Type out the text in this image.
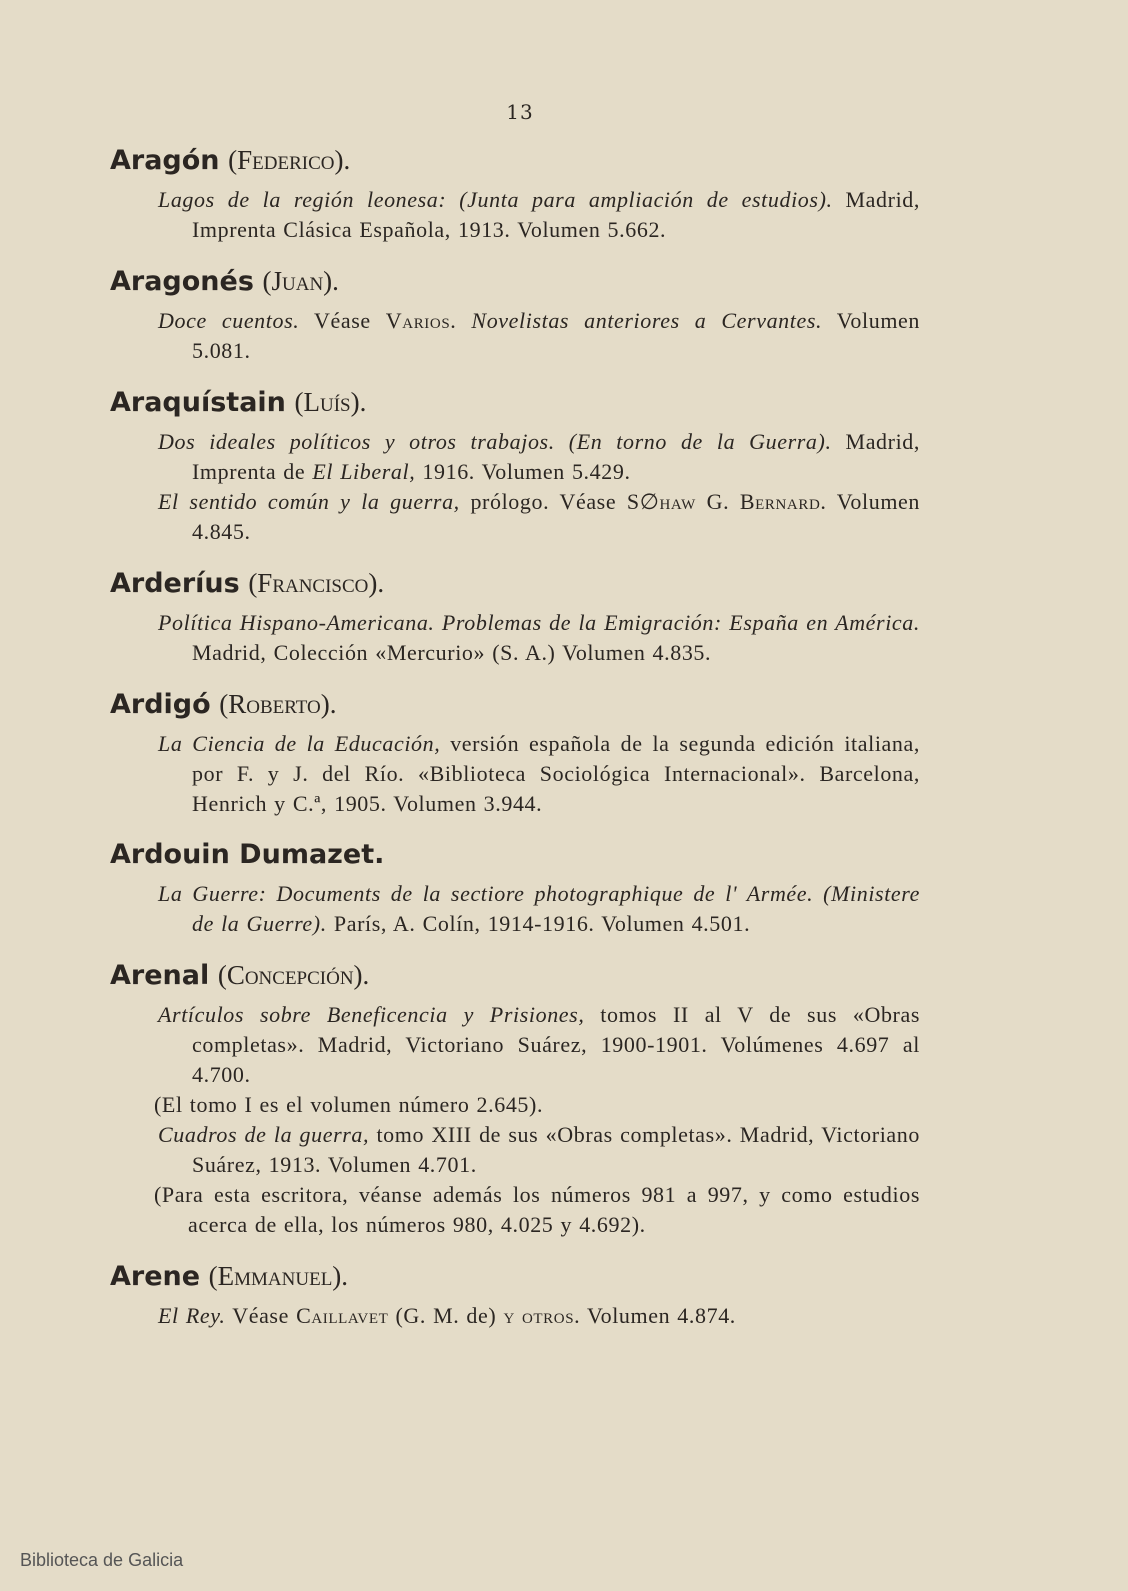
13
Aragón (Federico).
Lagos de la región leonesa: (Junta para ampliación de estudios). Madrid, Imprenta Clásica Española, 1913. Volumen 5.662.
Aragonés (Juan).
Doce cuentos. Véase Varios. Novelistas anteriores a Cervantes. Volumen 5.081.
Araquístain (Luís).
Dos ideales políticos y otros trabajos. (En torno de la Guerra). Madrid, Imprenta de El Liberal, 1916. Volumen 5.429.
El sentido común y la guerra, prólogo. Véase S∅haw G. Bernard. Volumen 4.845.
Arderíus (Francisco).
Política Hispano-Americana. Problemas de la Emigración: España en América. Madrid, Colección «Mercurio» (S. A.) Volumen 4.835.
Ardigó (Roberto).
La Ciencia de la Educación, versión española de la segunda edición italiana, por F. y J. del Río. «Biblioteca Sociológica Internacional». Barcelona, Henrich y C.ª, 1905. Volumen 3.944.
Ardouin Dumazet.
La Guerre: Documents de la sectiore photographique de l' Armée. (Ministere de la Guerre). París, A. Colín, 1914-1916. Volumen 4.501.
Arenal (Concepción).
Artículos sobre Beneficencia y Prisiones, tomos II al V de sus «Obras completas». Madrid, Victoriano Suárez, 1900-1901. Volúmenes 4.697 al 4.700.
(El tomo I es el volumen número 2.645).
Cuadros de la guerra, tomo XIII de sus «Obras completas». Madrid, Victoriano Suárez, 1913. Volumen 4.701.
(Para esta escritora, véanse además los números 981 a 997, y como estudios acerca de ella, los números 980, 4.025 y 4.692).
Arene (Emmanuel).
El Rey. Véase Caillavet (G. M. de) y otros. Volumen 4.874.
Biblioteca de Galicia
